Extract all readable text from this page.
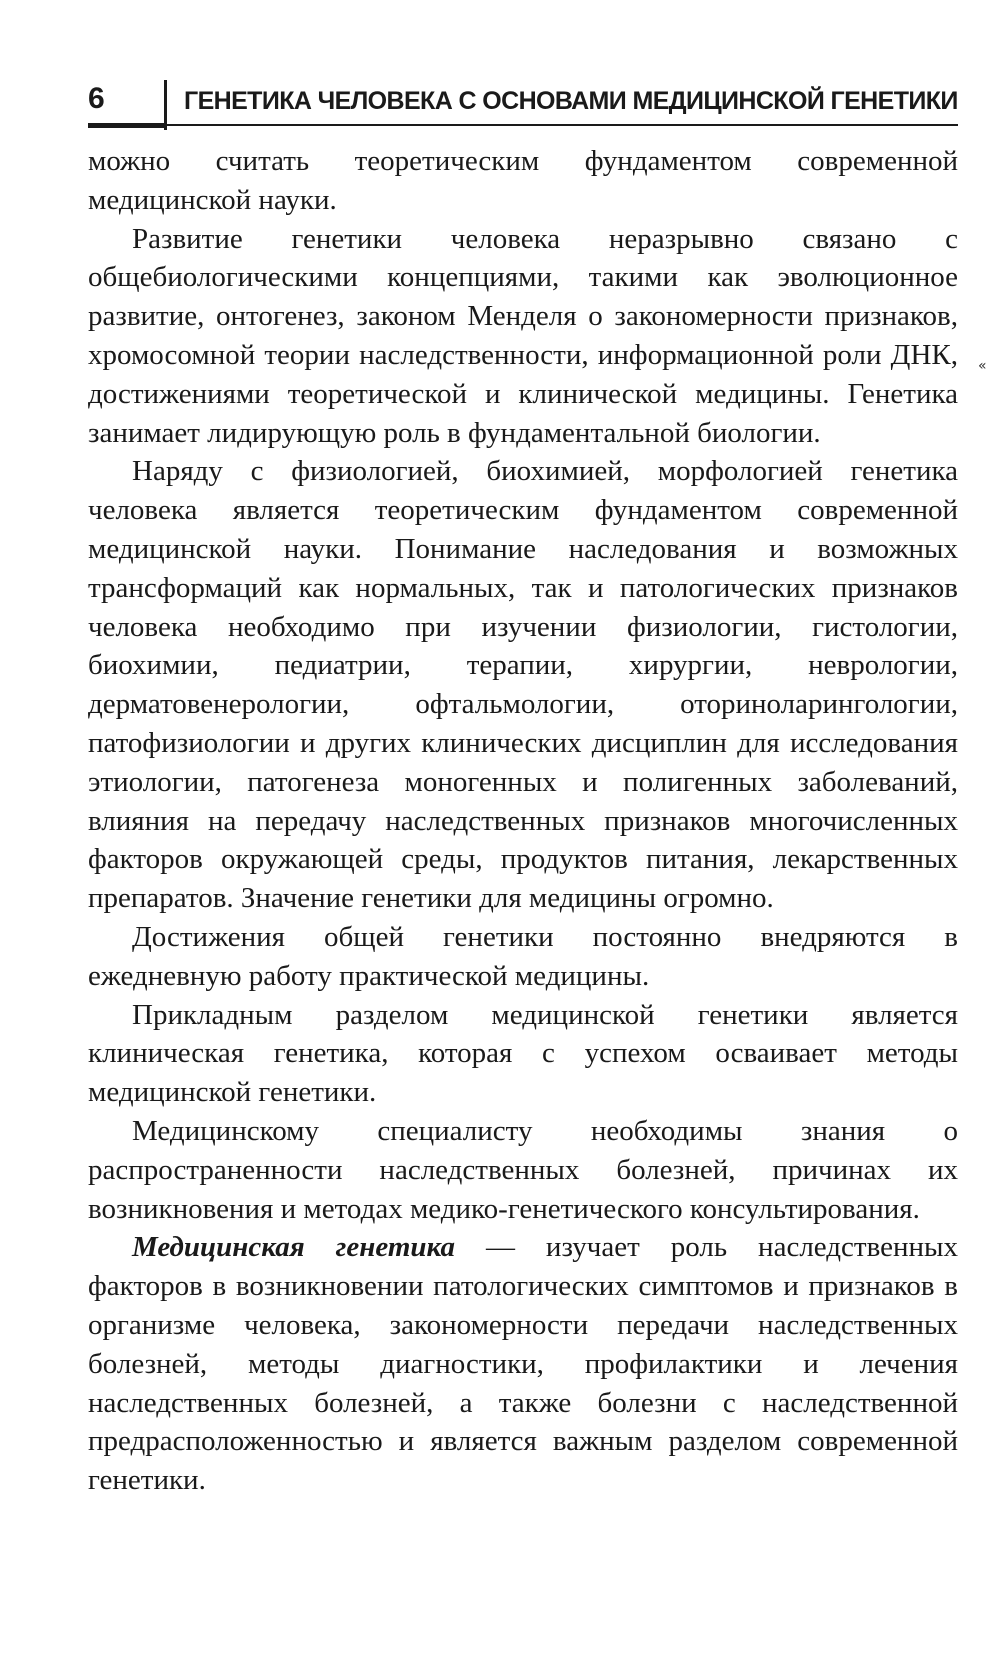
6	ГЕНЕТИКА ЧЕЛОВЕКА С ОСНОВАМИ МЕДИЦИНСКОЙ ГЕНЕТИКИ

можно считать теоретическим фундаментом современной медицинской науки.

Развитие генетики человека неразрывно связано с общебиологическими концепциями, такими как эволюционное развитие, онтогенез, законом Менделя о закономерности признаков, хромосомной теории наследственности, информационной роли ДНК, достижениями теоретической и клинической медицины. Генетика занимает лидирующую роль в фундаментальной биологии.

Наряду с физиологией, биохимией, морфологией генетика человека является теоретическим фундаментом современной медицинской науки. Понимание наследования и возможных трансформаций как нормальных, так и патологических признаков человека необходимо при изучении физиологии, гистологии, биохимии, педиатрии, терапии, хирургии, неврологии, дерматовенерологии, офтальмологии, оториноларингологии, патофизиологии и других клинических дисциплин для исследования этиологии, патогенеза моногенных и полигенных заболеваний, влияния на передачу наследственных признаков многочисленных факторов окружающей среды, продуктов питания, лекарственных препаратов. Значение генетики для медицины огромно.

Достижения общей генетики постоянно внедряются в ежедневную работу практической медицины.

Прикладным разделом медицинской генетики является клиническая генетика, которая с успехом осваивает методы медицинской генетики.

Медицинскому специалисту необходимы знания о распространенности наследственных болезней, причинах их возникновения и методах медико-генетического консультирования.

Медицинская генетика — изучает роль наследственных факторов в возникновении патологических симптомов и признаков в организме человека, закономерности передачи наследственных болезней, методы диагностики, профилактики и лечения наследственных болезней, а также болезни с наследственной предрасположенностью и является важным разделом современной генетики.

«
